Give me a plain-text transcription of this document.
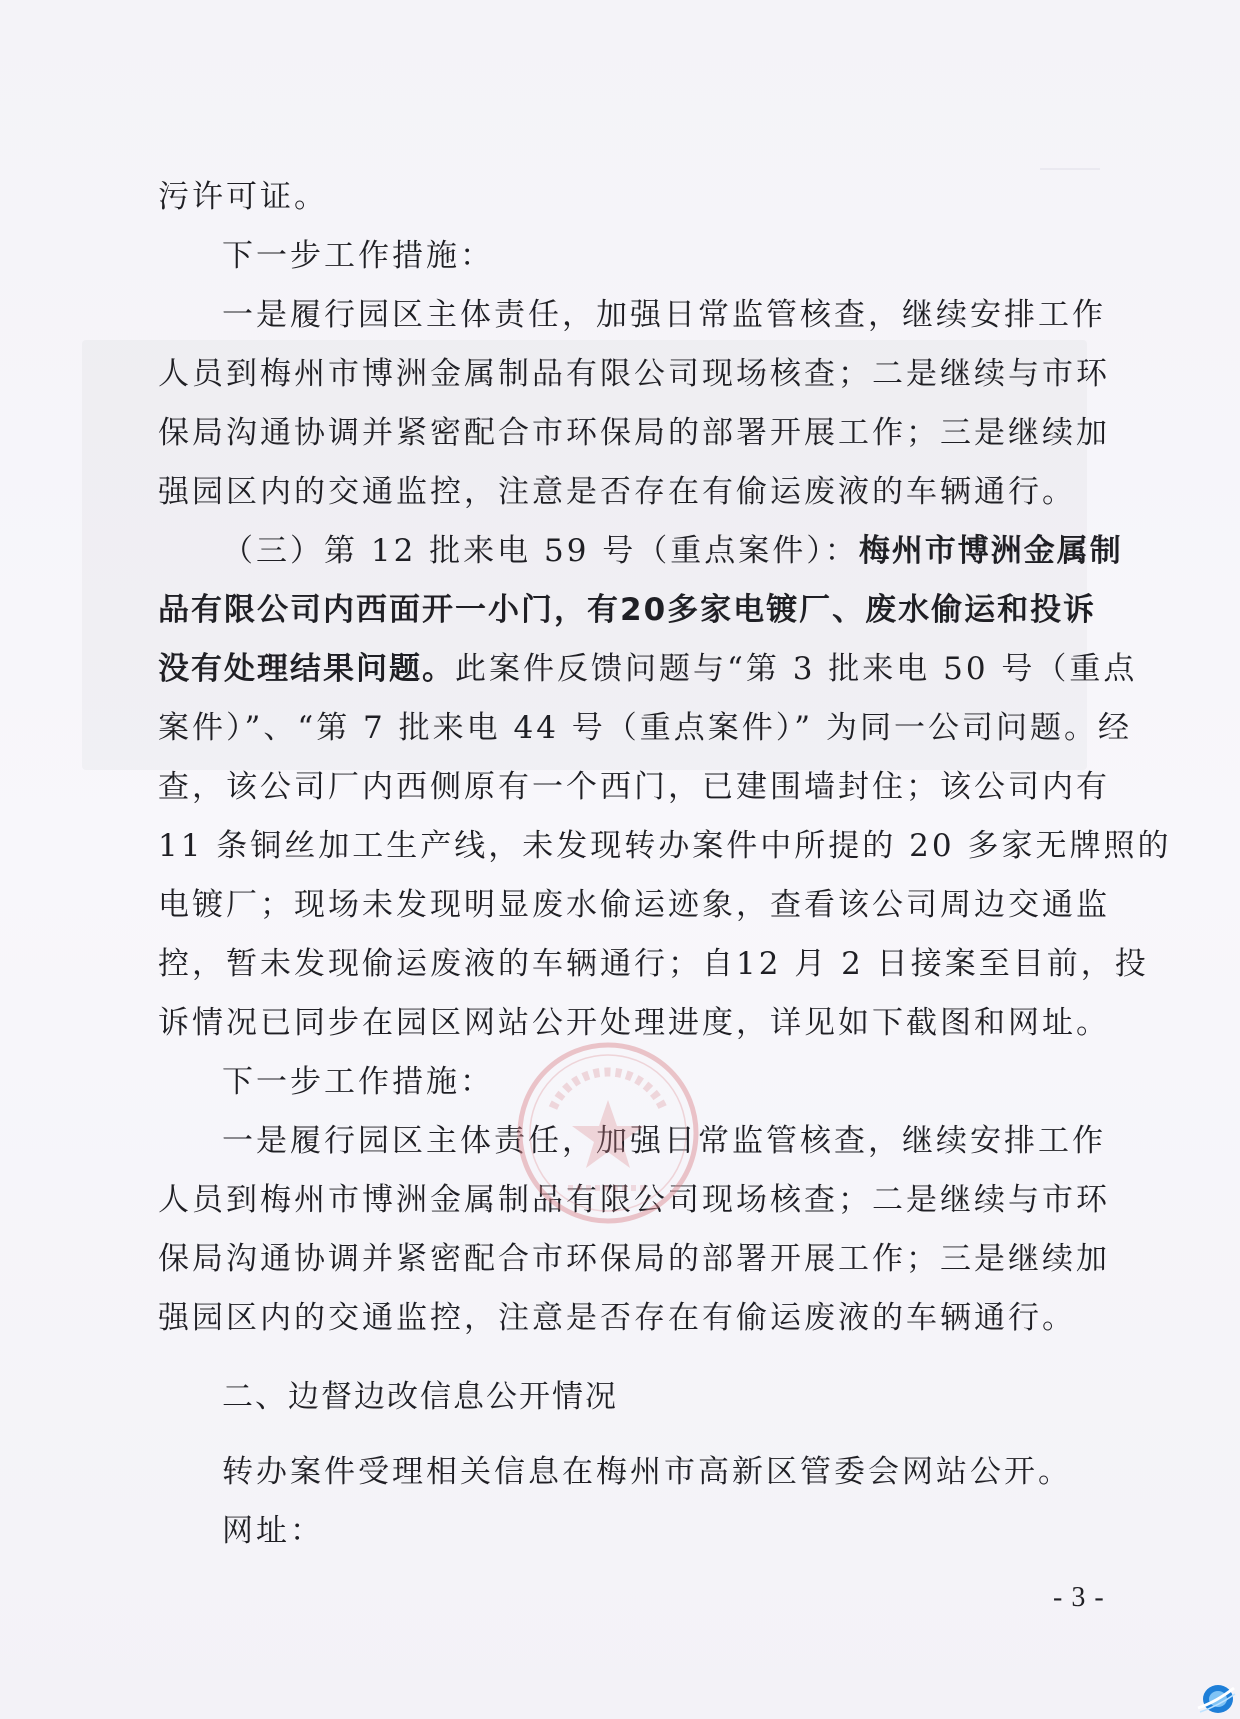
污许可证。
下一步工作措施：
一是履行园区主体责任，加强日常监管核查，继续安排工作
人员到梅州市博洲金属制品有限公司现场核查；二是继续与市环
保局沟通协调并紧密配合市环保局的部署开展工作；三是继续加
强园区内的交通监控，注意是否存在有偷运废液的车辆通行。
（三）第 12 批来电 59 号（重点案件）：梅州市博洲金属制
品有限公司内西面开一小门，有20多家电镀厂、废水偷运和投诉
没有处理结果问题。此案件反馈问题与“第 3 批来电 50 号（重点
案件）”、“第 7 批来电 44 号（重点案件）” 为同一公司问题。经
查，该公司厂内西侧原有一个西门，已建围墙封住；该公司内有
11 条铜丝加工生产线，未发现转办案件中所提的 20 多家无牌照的
电镀厂；现场未发现明显废水偷运迹象，查看该公司周边交通监
控，暂未发现偷运废液的车辆通行；自12 月 2 日接案至目前，投
诉情况已同步在园区网站公开处理进度，详见如下截图和网址。
下一步工作措施：
一是履行园区主体责任，加强日常监管核查，继续安排工作
人员到梅州市博洲金属制品有限公司现场核查；二是继续与市环
保局沟通协调并紧密配合市环保局的部署开展工作；三是继续加
强园区内的交通监控，注意是否存在有偷运废液的车辆通行。
二、边督边改信息公开情况
转办案件受理相关信息在梅州市高新区管委会网站公开。
网址：
- 3 -
